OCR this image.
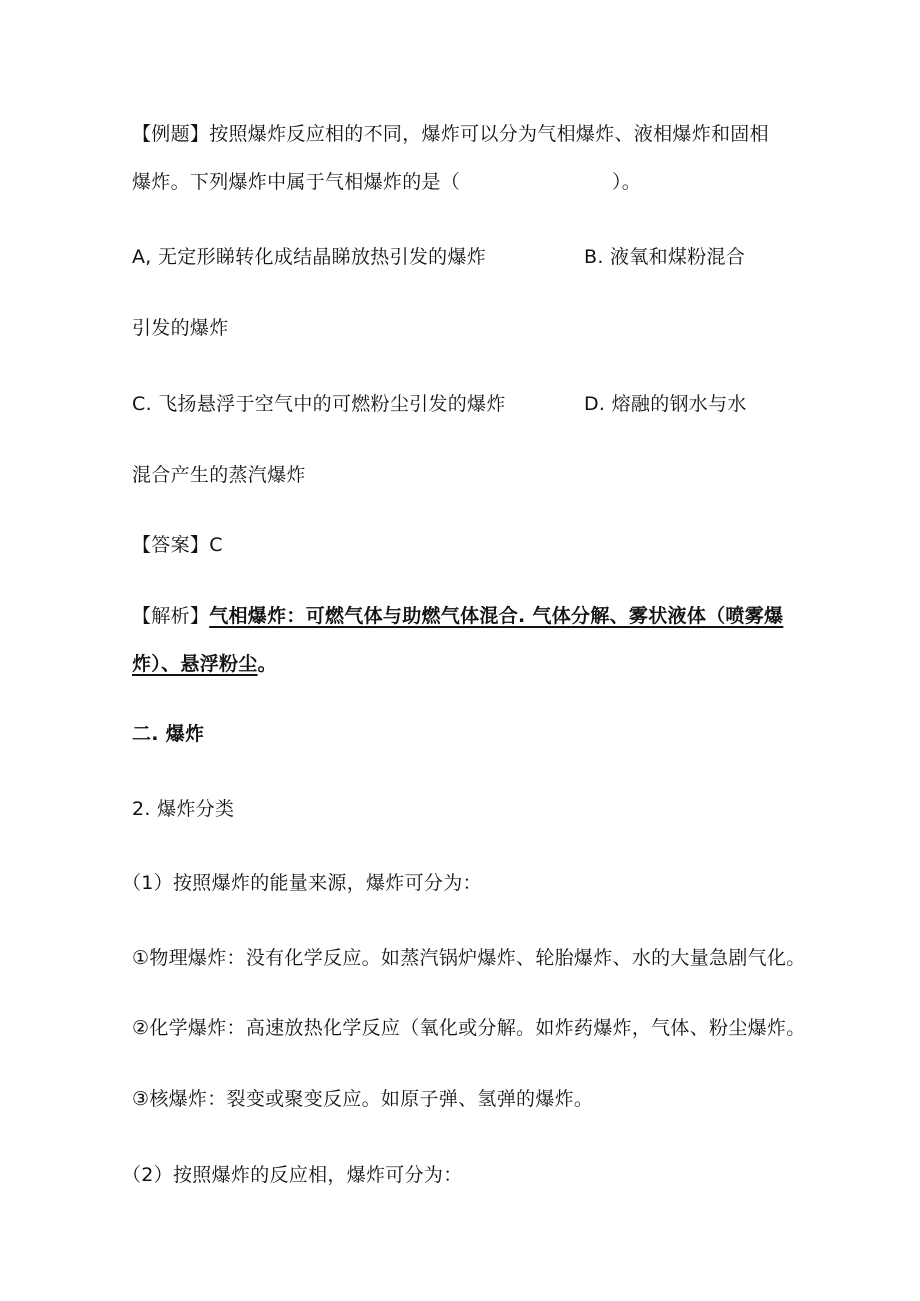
【例题】按照爆炸反应相的不同，爆炸可以分为气相爆炸、液相爆炸和固相
爆炸。下列爆炸中属于气相爆炸的是（	）。
A, 无定形睇转化成结晶睇放热引发的爆炸	B. 液氧和煤粉混合
引发的爆炸
C. 飞扬悬浮于空气中的可燃粉尘引发的爆炸	D. 熔融的钢水与水
混合产生的蒸汽爆炸
【答案】C
【解析】气相爆炸：可燃气体与助燃气体混合. 气体分解、雾状液体（喷雾爆
炸）、悬浮粉尘。
二. 爆炸
2. 爆炸分类
（1）按照爆炸的能量来源，爆炸可分为：
①物理爆炸：没有化学反应。如蒸汽锅炉爆炸、轮胎爆炸、水的大量急剧气化。
②化学爆炸：高速放热化学反应（氧化或分解。如炸药爆炸，气体、粉尘爆炸。
③核爆炸：裂变或聚变反应。如原子弹、氢弹的爆炸。
（2）按照爆炸的反应相，爆炸可分为：
